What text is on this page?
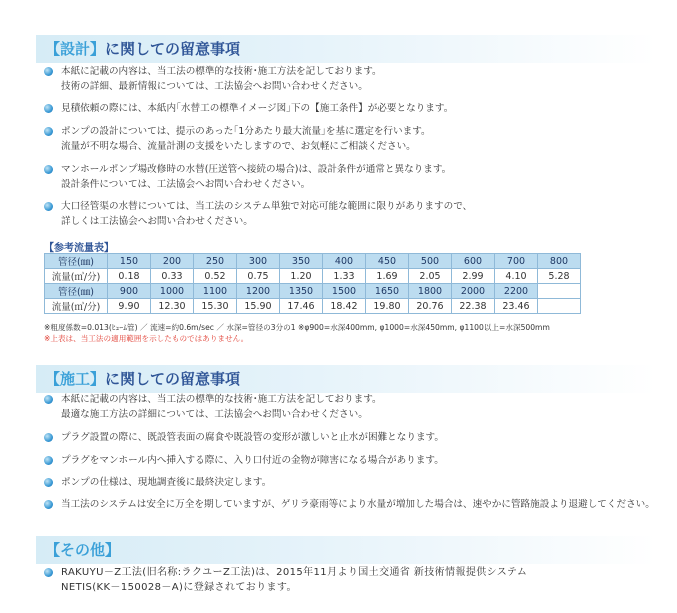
【設計】に関しての留意事項
本紙に記載の内容は、当工法の標準的な技術･施工方法を記しております。
技術の詳細、最新情報については、工法協会へお問い合わせください。
見積依頼の際には、本紙内｢水替工の標準イメージ図｣下の【施工条件】が必要となります。
ポンプの設計については、提示のあった｢1分あたり最大流量｣を基に選定を行います。
流量が不明な場合、流量計測の支援をいたしますので、お気軽にご相談ください。
マンホールポンプ場改修時の水替(圧送管へ接続の場合)は、設計条件が通常と異なります。
設計条件については、工法協会へお問い合わせください。
大口径管渠の水替については、当工法のシステム単独で対応可能な範囲に限りがありますので、
詳しくは工法協会へお問い合わせください。
【参考流量表】
管径(㎜)	150	200	250	300	350	400	450	500	600	700	800
流量(㎥/分)	0.18	0.33	0.52	0.75	1.20	1.33	1.69	2.05	2.99	4.10	5.28
管径(㎜)	900	1000	1100	1200	1350	1500	1650	1800	2000	2200	
流量(㎥/分)	9.90	12.30	15.30	15.90	17.46	18.42	19.80	20.76	22.38	23.46	
※粗度係数=0.013(ﾋｭｰﾑ管) ／ 流速=約0.6m/sec ／ 水深=管径の3分の1 ※φ900=水深400mm, φ1000=水深450mm, φ1100以上=水深500mm
※上表は、当工法の適用範囲を示したものではありません。
【施工】に関しての留意事項
本紙に記載の内容は、当工法の標準的な技術･施工方法を記しております。
最適な施工方法の詳細については、工法協会へお問い合わせください。
プラグ設置の際に、既設管表面の腐食や既設管の変形が激しいと止水が困難となります。
プラグをマンホール内へ挿入する際に、入り口付近の金物が障害になる場合があります。
ポンプの仕様は、現地調査後に最終決定します。
当工法のシステムは安全に万全を期していますが、ゲリラ豪雨等により水量が増加した場合は、速やかに管路施設より退避してください。
【その他】
RAKUYU－Z工法(旧名称:ラクユーZ工法)は、2015年11月より国土交通省 新技術情報提供システム
NETIS(KK－150028－A)に登録されております。
